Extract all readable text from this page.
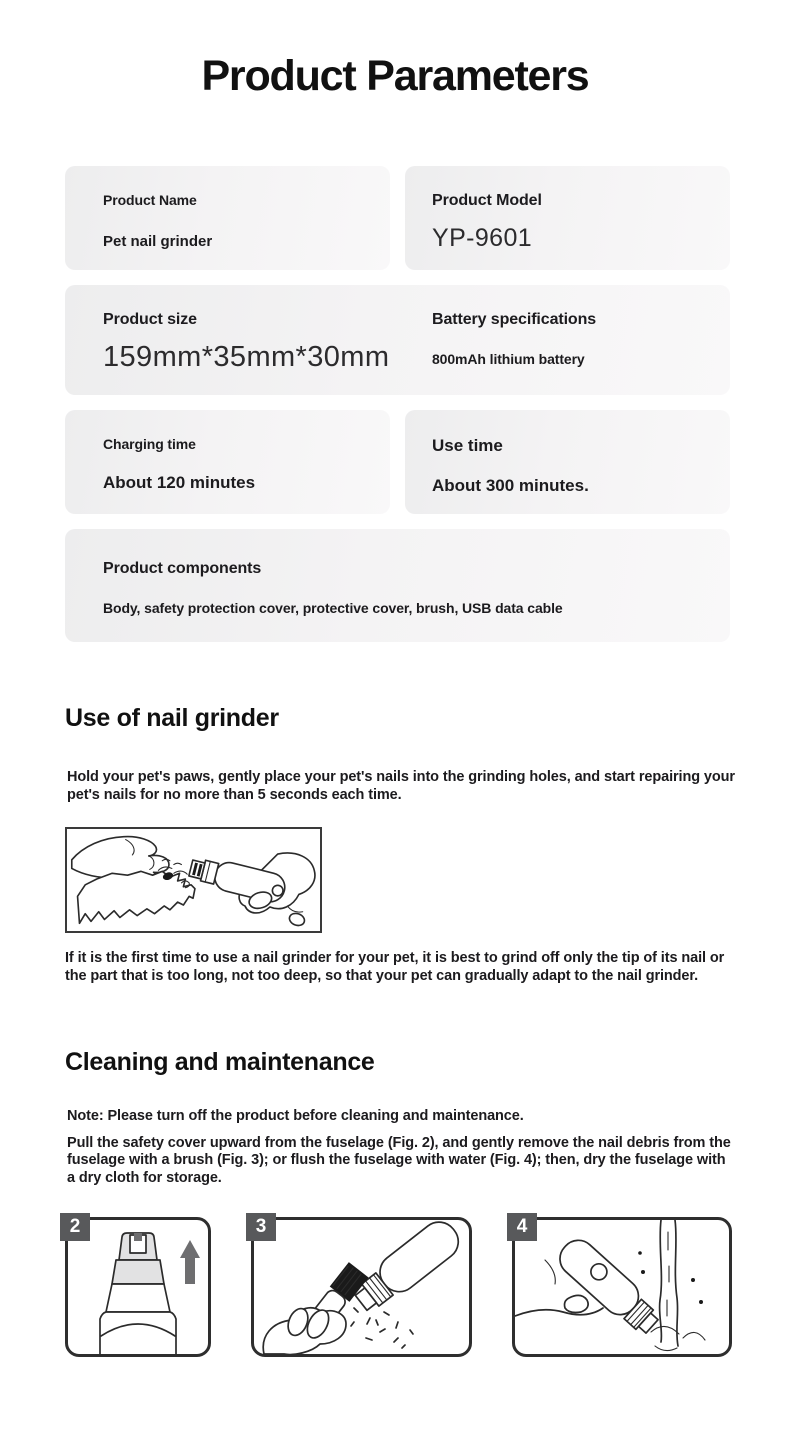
Product Parameters
Product Name
Pet nail grinder
Product Model
YP-9601
Product size
159mm*35mm*30mm
Battery specifications
800mAh lithium battery
Charging time
About 120 minutes
Use time
About 300 minutes.
Product components
Body, safety protection cover, protective cover, brush, USB data cable
Use of nail grinder

Hold your pet's paws, gently place your pet's nails into the grinding holes, and start repairing your pet's nails for no more than 5 seconds each time.

If it is the first time to use a nail grinder for your pet, it is best to grind off only the tip of its nail or the part that is too long, not too deep, so that your pet can gradually adapt to the nail grinder.

Cleaning and maintenance

Note: Please turn off the product before cleaning and maintenance.

Pull the safety cover upward from the fuselage (Fig. 2), and gently remove the nail debris from the fuselage with a brush (Fig. 3); or flush the fuselage with water (Fig. 4); then, dry the fuselage with a dry cloth for storage.

2	3	4
